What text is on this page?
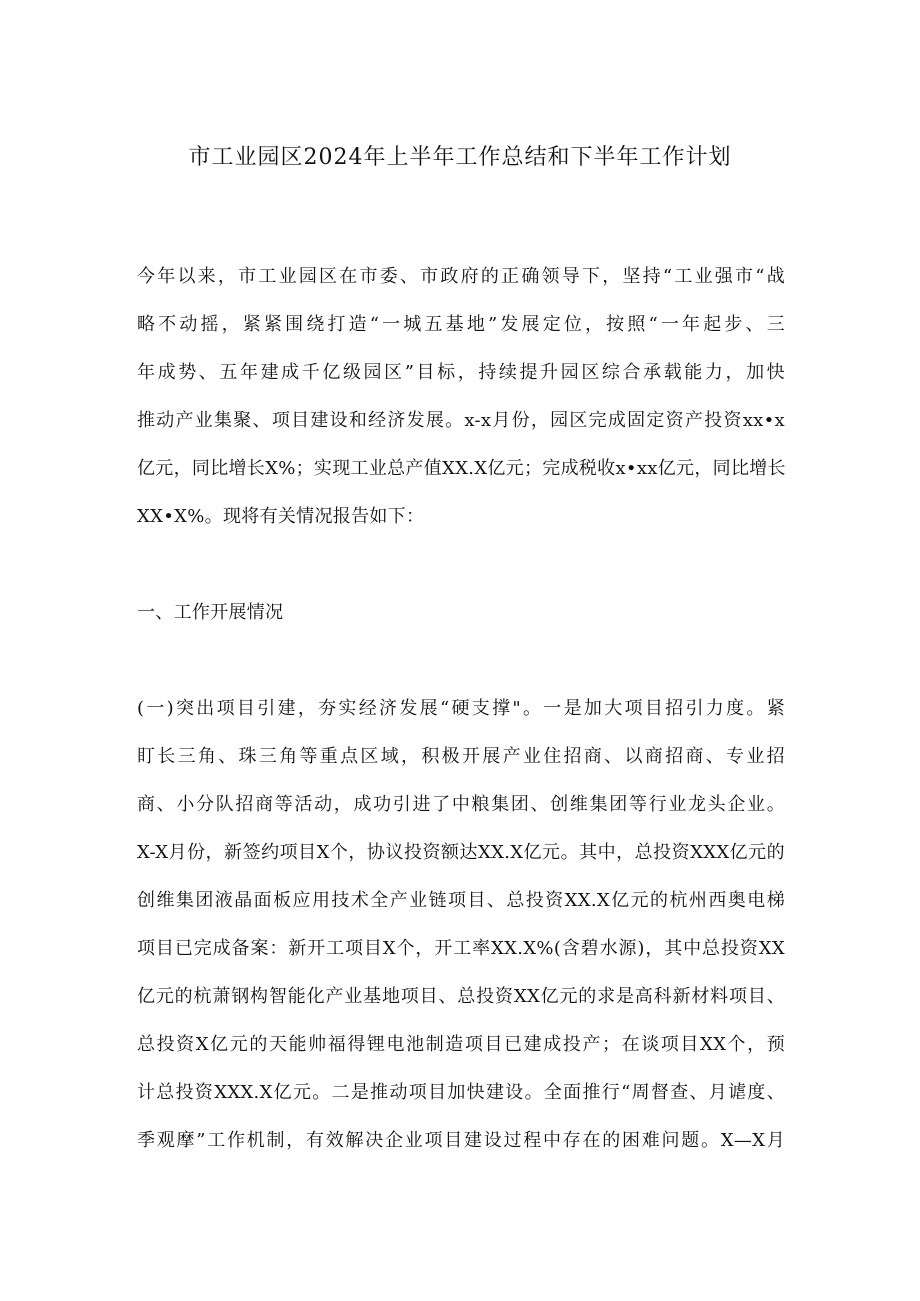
市工业园区2024年上半年工作总结和下半年工作计划
今年以来，市工业园区在市委、市政府的正确领导下，坚持“工业强市“战
略不动摇，紧紧围绕打造“一城五基地”发展定位，按照“一年起步、三
年成势、五年建成千亿级园区”目标，持续提升园区综合承载能力，加快
推动产业集聚、项目建设和经济发展。x-x月份，园区完成固定资产投资xx•x
亿元，同比增长X%；实现工业总产值XX.X亿元；完成税收x•xx亿元，同比增长
XX•X%。现将有关情况报告如下：
一、工作开展情况
(一)突出项目引建，夯实经济发展“硬支撑"。一是加大项目招引力度。紧
盯长三角、珠三角等重点区域，积极开展产业住招商、以商招商、专业招
商、小分队招商等活动，成功引进了中粮集团、创维集团等行业龙头企业。
X-X月份，新签约项目X个，协议投资额达XX.X亿元。其中，总投资XXX亿元的
创维集团液晶面板应用技术全产业链项目、总投资XX.X亿元的杭州西奥电梯
项目已完成备案：新开工项目X个，开工率XX.X%(含碧水源)，其中总投资XX
亿元的杭萧钢构智能化产业基地项目、总投资XX亿元的求是高科新材料项目、
总投资X亿元的天能帅福得锂电池制造项目已建成投产；在谈项目XX个，预
计总投资XXX.X亿元。二是推动项目加快建设。全面推行“周督查、月谑度、
季观摩”工作机制，有效解决企业项目建设过程中存在的困难问题。X—X月
